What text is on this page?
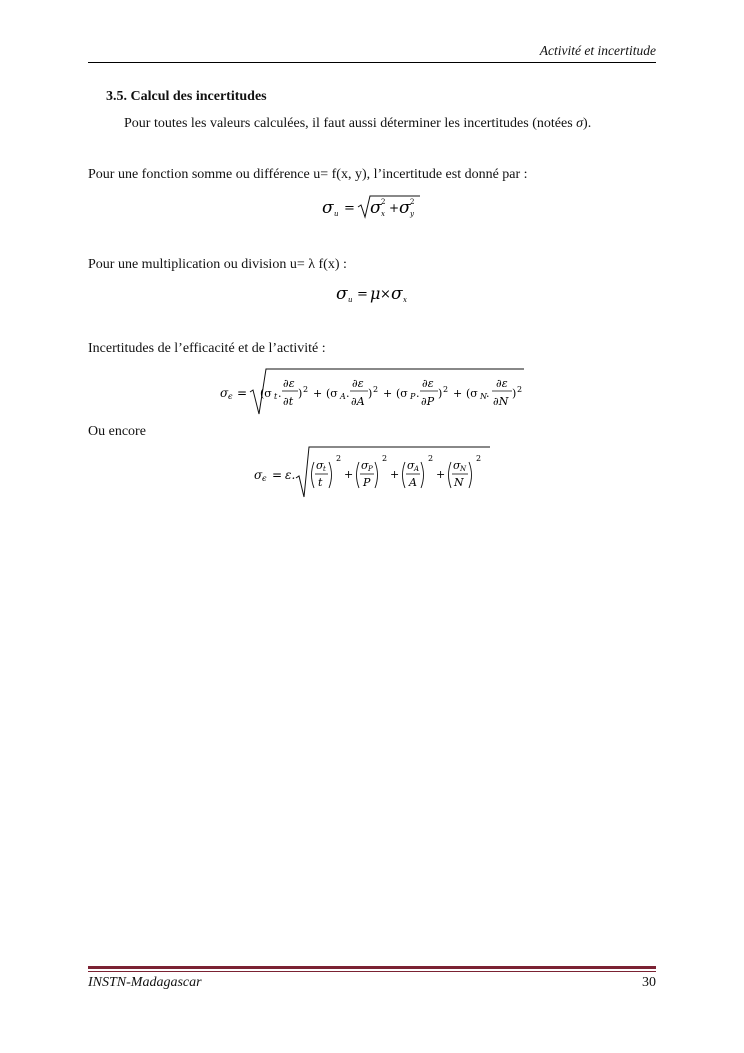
Activité et incertitude
3.5. Calcul des incertitudes
Pour toutes les valeurs calculées, il faut aussi déterminer les incertitudes (notées σ).
Pour une fonction somme ou différence u= f(x, y), l’incertitude est donné par :
σ u = σ 2
x + σ 2
y
Pour une multiplication ou division u= λ f(x) :
σ u = μ × σ x
Incertitudes de l’efficacité et de l’activité :
σ ϵ = (σ t .
∂ε
∂t
) 2 + (σ A .
∂ε
∂A
) 2 + (σ P .
∂ε
∂P
) 2 + (σ N .
∂ε
∂N
) 2
Ou encore
σ ϵ = ε.
σ t
t
2
+
σ P
P
2
+
σ A
A
2
+
σ N
N
2
INSTN-Madagascar	30
